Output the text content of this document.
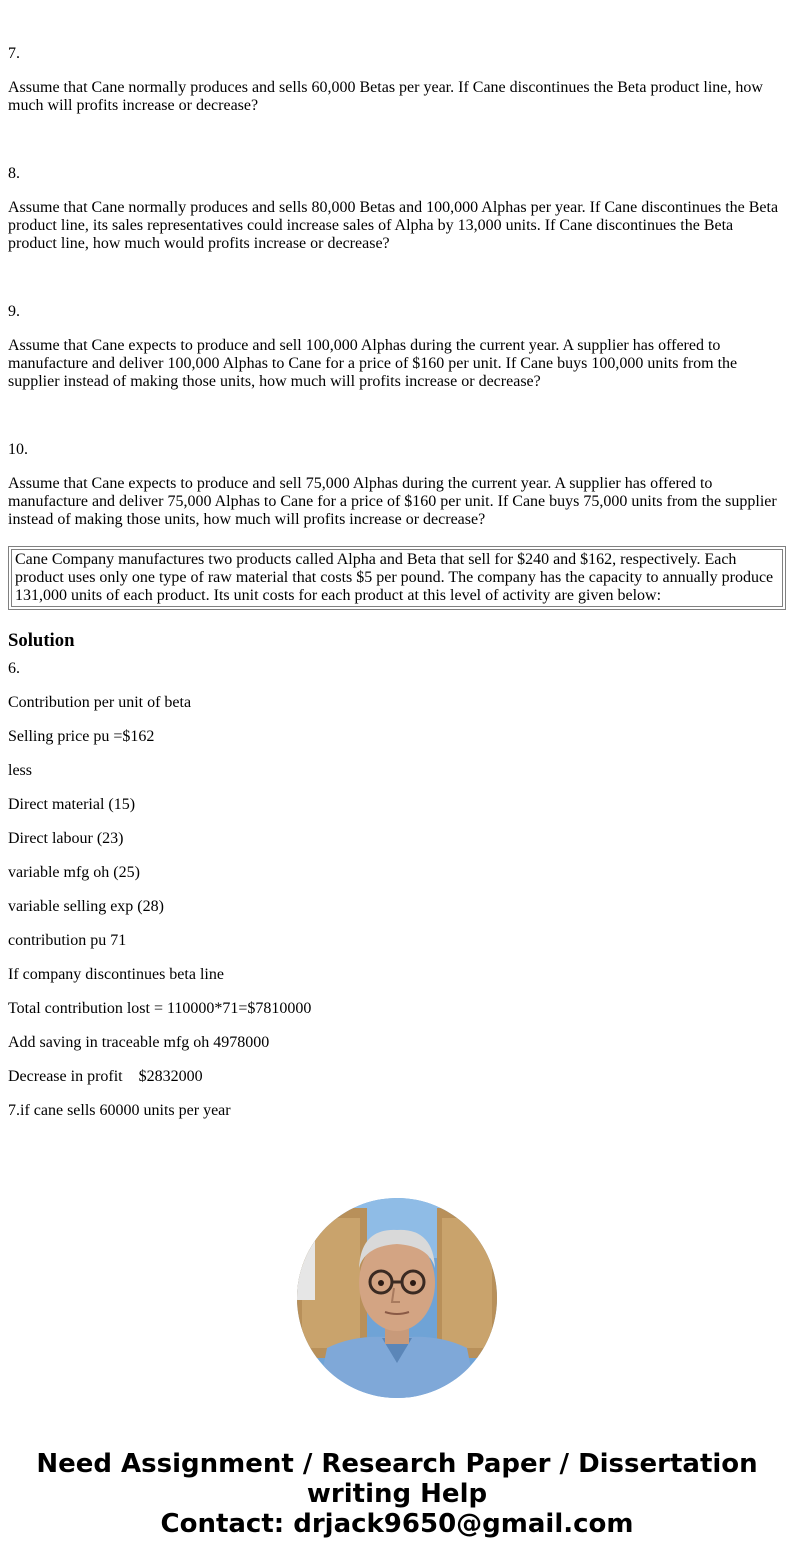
7.

Assume that Cane normally produces and sells 60,000 Betas per year. If Cane discontinues the Beta product line, how much will profits increase or decrease?

8.

Assume that Cane normally produces and sells 80,000 Betas and 100,000 Alphas per year. If Cane discontinues the Beta product line, its sales representatives could increase sales of Alpha by 13,000 units. If Cane discontinues the Beta product line, how much would profits increase or decrease?

9.

Assume that Cane expects to produce and sell 100,000 Alphas during the current year. A supplier has offered to manufacture and deliver 100,000 Alphas to Cane for a price of $160 per unit. If Cane buys 100,000 units from the supplier instead of making those units, how much will profits increase or decrease?

10.

Assume that Cane expects to produce and sell 75,000 Alphas during the current year. A supplier has offered to manufacture and deliver 75,000 Alphas to Cane for a price of $160 per unit. If Cane buys 75,000 units from the supplier instead of making those units, how much will profits increase or decrease?

Cane Company manufactures two products called Alpha and Beta that sell for $240 and $162, respectively. Each product uses only one type of raw material that costs $5 per pound. The company has the capacity to annually produce 131,000 units of each product. Its unit costs for each product at this level of activity are given below:
Solution

6.

Contribution per unit of beta

Selling price pu =$162

less

Direct material (15)

Direct labour (23)

variable mfg oh (25)

variable selling exp (28)

contribution pu 71

If company discontinues beta line

Total contribution lost = 110000*71=$7810000

Add saving in traceable mfg oh 4978000

Decrease in profit    $2832000

7.if cane sells 60000 units per year

Need Assignment / Research Paper / Dissertation
writing Help
Contact: drjack9650@gmail.com
